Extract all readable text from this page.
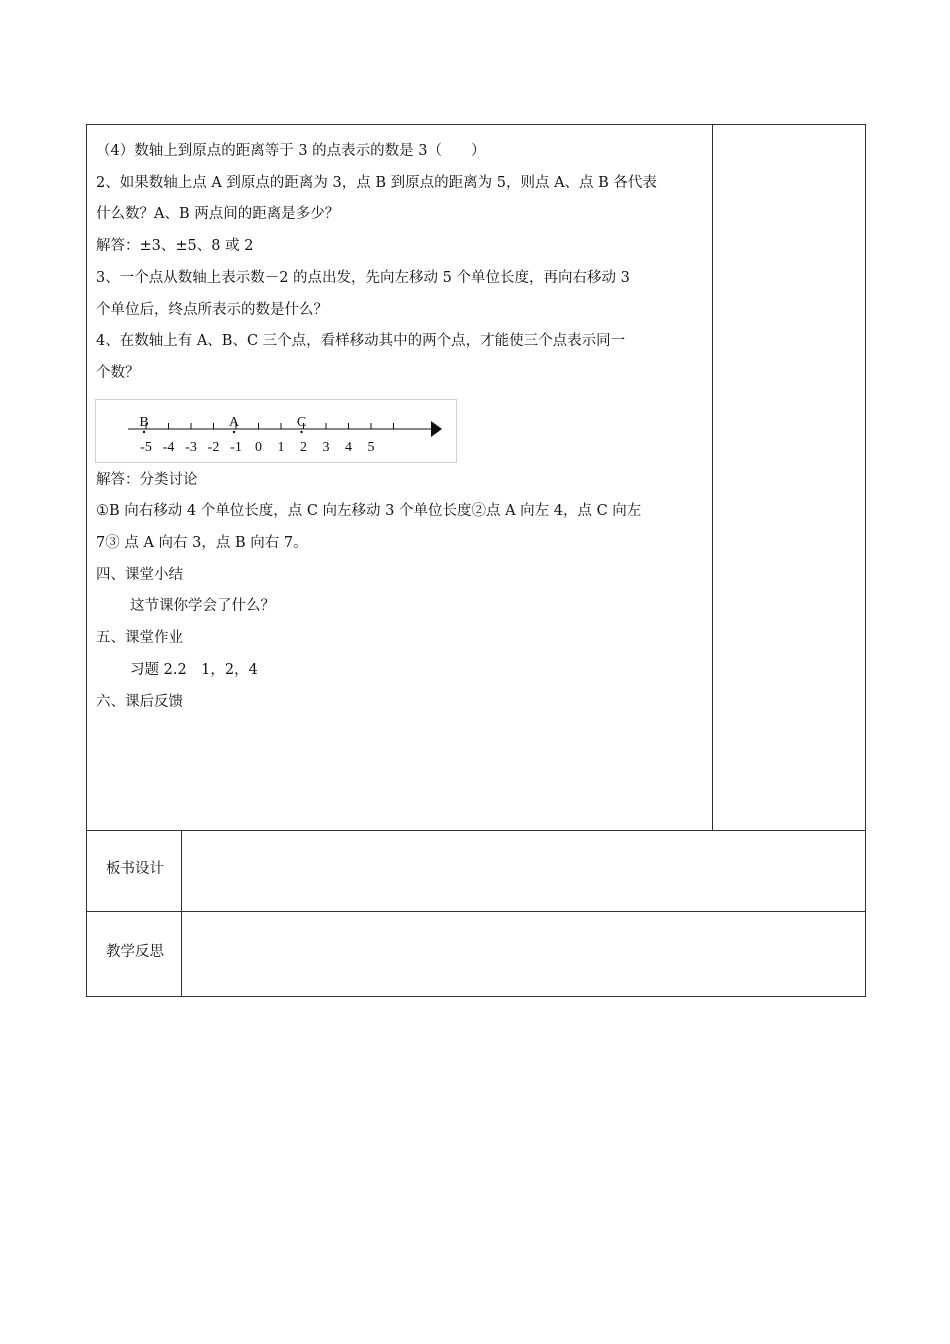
（4）数轴上到原点的距离等于 3 的点表示的数是 3（　　）

2、如果数轴上点 A 到原点的距离为 3，点 B 到原点的距离为 5，则点 A、点 B 各代表

什么数？A、B 两点间的距离是多少？

解答：±3、±5、8 或 2

3、一个点从数轴上表示数－2 的点出发，先向左移动 5 个单位长度，再向右移动 3

个单位后，终点所表示的数是什么？

4、在数轴上有 A、B、C 三个点，看样移动其中的两个点，才能使三个点表示同一

个数？

-5 -4 -3 -2 -1 0 1 2 3 4 5
B	A	C

解答：分类讨论

①B 向右移动 4 个单位长度，点 C 向左移动 3 个单位长度②点 A 向左 4，点 C 向左

7③ 点 A 向右 3，点 B 向右 7。

四、课堂小结

这节课你学会了什么？

五、课堂作业

习题 2.2　1，2，4

六、课后反馈

板书设计
教学反思
